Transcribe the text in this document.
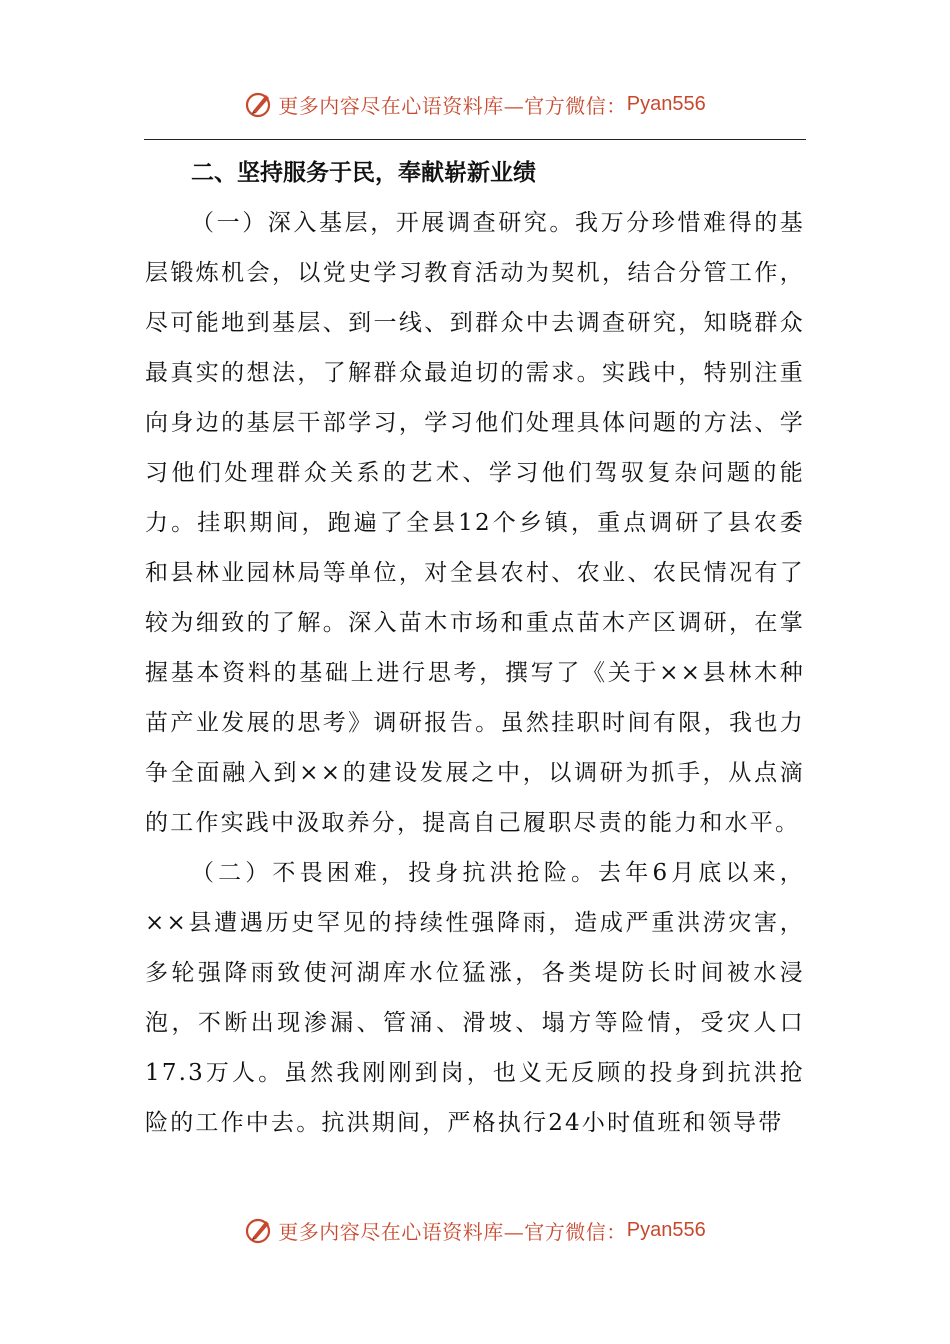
更多内容尽在心语资料库—官方微信： Pyan556

二、坚持服务于民，奉献崭新业绩

（一）深入基层，开展调查研究。我万分珍惜难得的基层锻炼机会，以党史学习教育活动为契机，结合分管工作，尽可能地到基层、到一线、到群众中去调查研究，知晓群众最真实的想法，了解群众最迫切的需求。实践中，特别注重向身边的基层干部学习，学习他们处理具体问题的方法、学习他们处理群众关系的艺术、学习他们驾驭复杂问题的能力。挂职期间，跑遍了全县12个乡镇，重点调研了县农委和县林业园林局等单位，对全县农村、农业、农民情况有了较为细致的了解。深入苗木市场和重点苗木产区调研，在掌握基本资料的基础上进行思考，撰写了《关于××县林木种苗产业发展的思考》调研报告。虽然挂职时间有限，我也力争全面融入到××的建设发展之中，以调研为抓手，从点滴的工作实践中汲取养分，提高自己履职尽责的能力和水平。

（二）不畏困难，投身抗洪抢险。去年6月底以来，××县遭遇历史罕见的持续性强降雨，造成严重洪涝灾害，多轮强降雨致使河湖库水位猛涨，各类堤防长时间被水浸泡，不断出现渗漏、管涌、滑坡、塌方等险情，受灾人口17.3万人。虽然我刚刚到岗，也义无反顾的投身到抗洪抢险的工作中去。抗洪期间，严格执行24小时值班和领导带

更多内容尽在心语资料库—官方微信： Pyan556
